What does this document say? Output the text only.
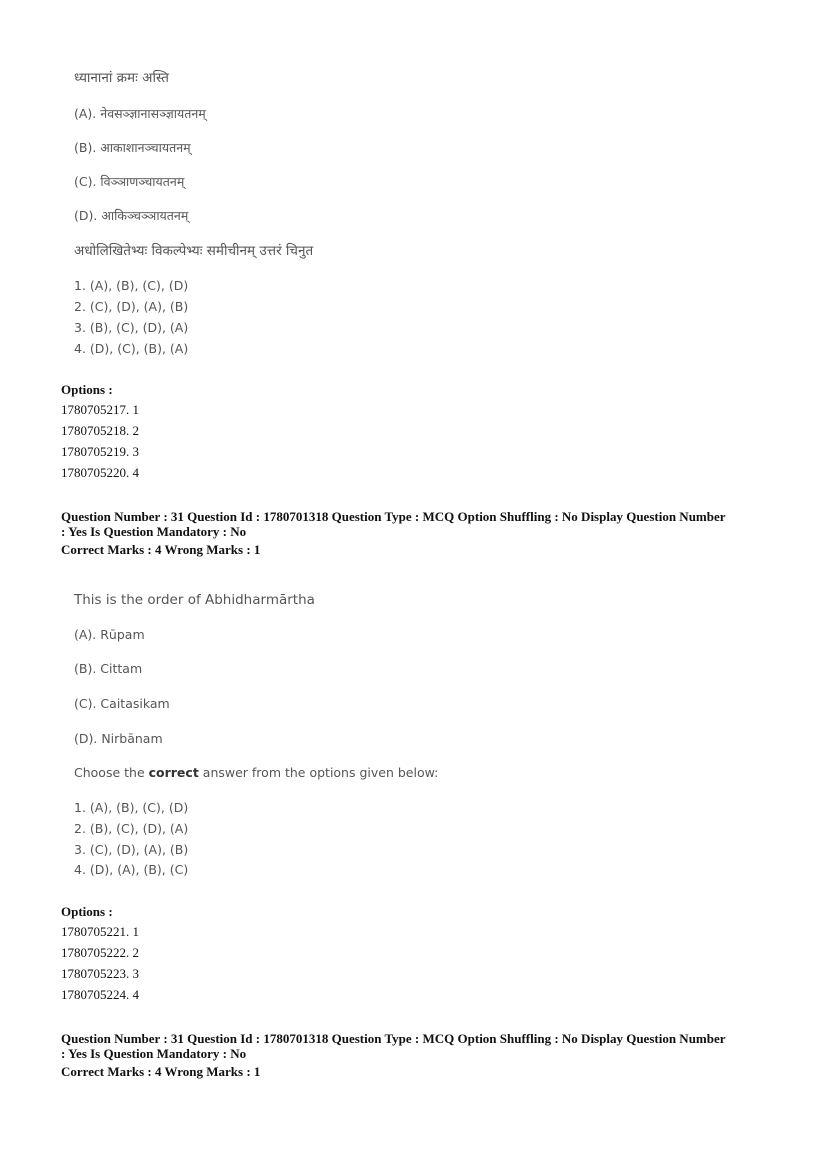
ध्यानानां क्रमः अस्ति
(A). नेवसञ्ज्ञानासञ्ज्ञायतनम्
(B). आकाशानञ्चायतनम्
(C). विञ्ञाणञ्चायतनम्
(D). आकिञ्चञ्ञायतनम्
अधोलिखितेभ्यः विकल्पेभ्यः समीचीनम् उत्तरं चिनुत
1. (A), (B), (C), (D)
2. (C), (D), (A), (B)
3. (B), (C), (D), (A)
4. (D), (C), (B), (A)
Options :
1780705217. 1
1780705218. 2
1780705219. 3
1780705220. 4
Question Number : 31 Question Id : 1780701318 Question Type : MCQ Option Shuffling : No Display Question Number
: Yes Is Question Mandatory : No
Correct Marks : 4 Wrong Marks : 1
This is the order of Abhidharmārtha
(A). Rūpam
(B). Cittam
(C). Caitasikam
(D). Nirbānam
Choose the correct answer from the options given below:
1. (A), (B), (C), (D)
2. (B), (C), (D), (A)
3. (C), (D), (A), (B)
4. (D), (A), (B), (C)
Options :
1780705221. 1
1780705222. 2
1780705223. 3
1780705224. 4
Question Number : 31 Question Id : 1780701318 Question Type : MCQ Option Shuffling : No Display Question Number
: Yes Is Question Mandatory : No
Correct Marks : 4 Wrong Marks : 1
